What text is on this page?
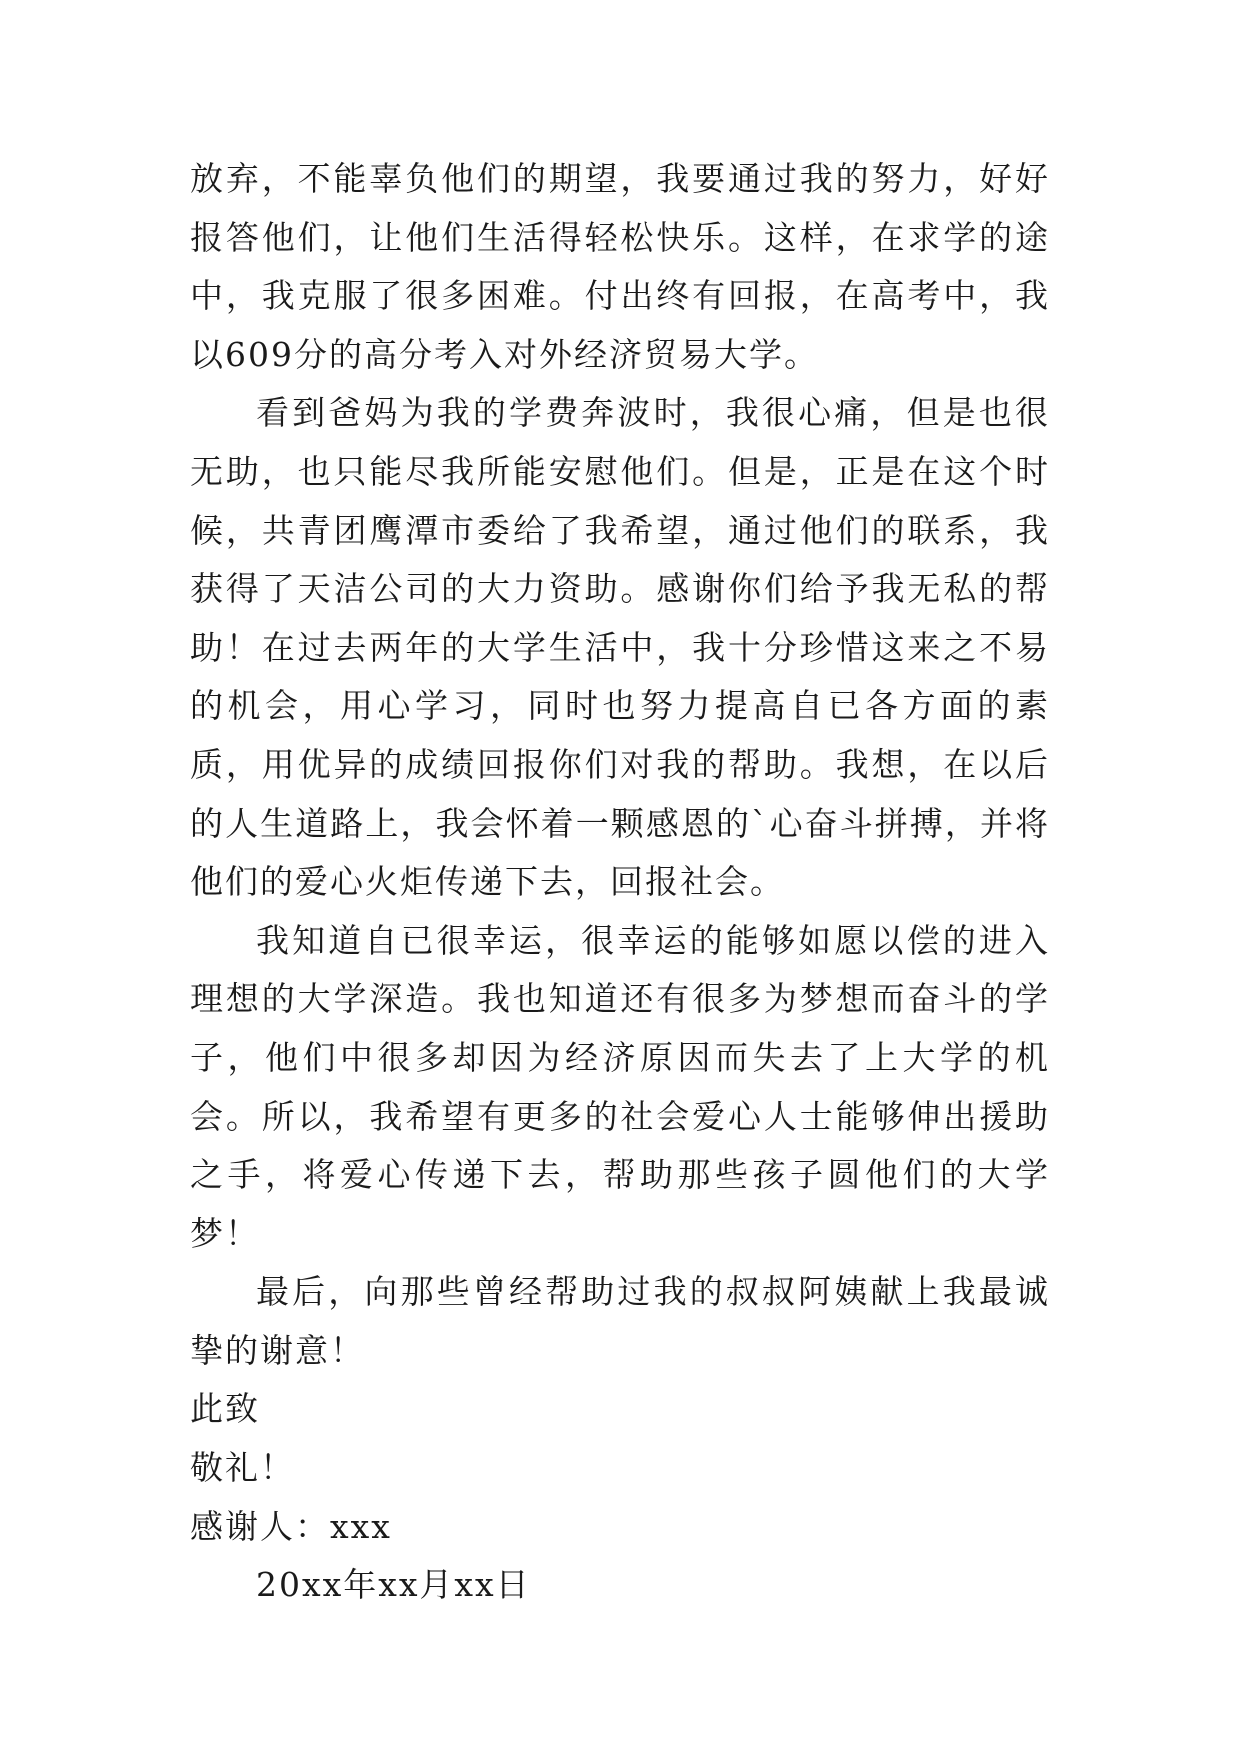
放弃，不能辜负他们的期望，我要通过我的努力，好好报答他们，让他们生活得轻松快乐。这样，在求学的途中，我克服了很多困难。付出终有回报，在高考中，我以609分的高分考入对外经济贸易大学。

看到爸妈为我的学费奔波时，我很心痛，但是也很无助，也只能尽我所能安慰他们。但是，正是在这个时候，共青团鹰潭市委给了我希望，通过他们的联系，我获得了天洁公司的大力资助。感谢你们给予我无私的帮助！在过去两年的大学生活中，我十分珍惜这来之不易的机会，用心学习，同时也努力提高自已各方面的素质，用优异的成绩回报你们对我的帮助。我想，在以后的人生道路上，我会怀着一颗感恩的`心奋斗拼搏，并将他们的爱心火炬传递下去，回报社会。

我知道自已很幸运，很幸运的能够如愿以偿的进入理想的大学深造。我也知道还有很多为梦想而奋斗的学子，他们中很多却因为经济原因而失去了上大学的机会。所以，我希望有更多的社会爱心人士能够伸出援助之手，将爱心传递下去，帮助那些孩子圆他们的大学梦！

最后，向那些曾经帮助过我的叔叔阿姨献上我最诚挚的谢意！

此致

敬礼！

感谢人：xxx

20xx年xx月xx日
